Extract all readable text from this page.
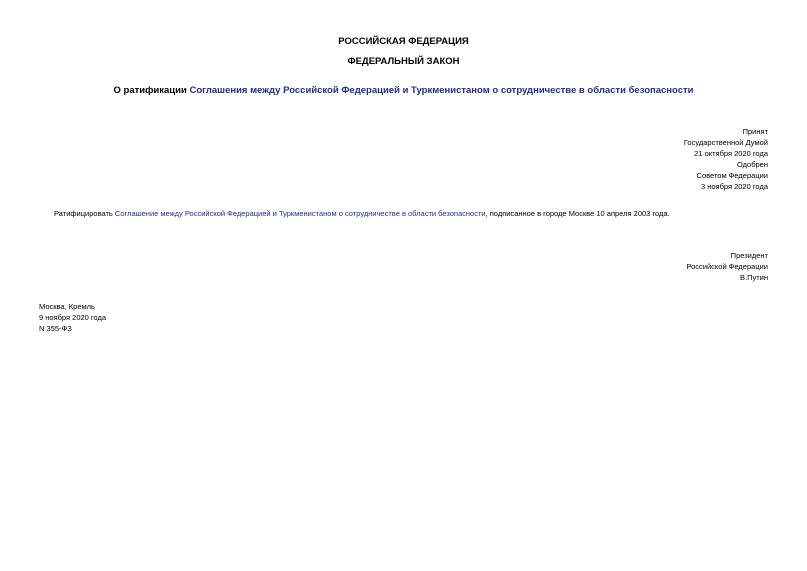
РОССИЙСКАЯ ФЕДЕРАЦИЯ
ФЕДЕРАЛЬНЫЙ ЗАКОН
О ратификации Соглашения между Российской Федерацией и Туркменистаном о сотрудничестве в области безопасности
Принят
Государственной Думой
21 октября 2020 года
Одобрен
Советом Федерации
3 ноября 2020 года
Ратифицировать Соглашение между Российской Федерацией и Туркменистаном о сотрудничестве в области безопасности, подписанное в городе Москве 10 апреля 2003 года.
Президент
Российской Федерации
В.Путин
Москва, Кремль
9 ноября 2020 года
N 355-ФЗ
